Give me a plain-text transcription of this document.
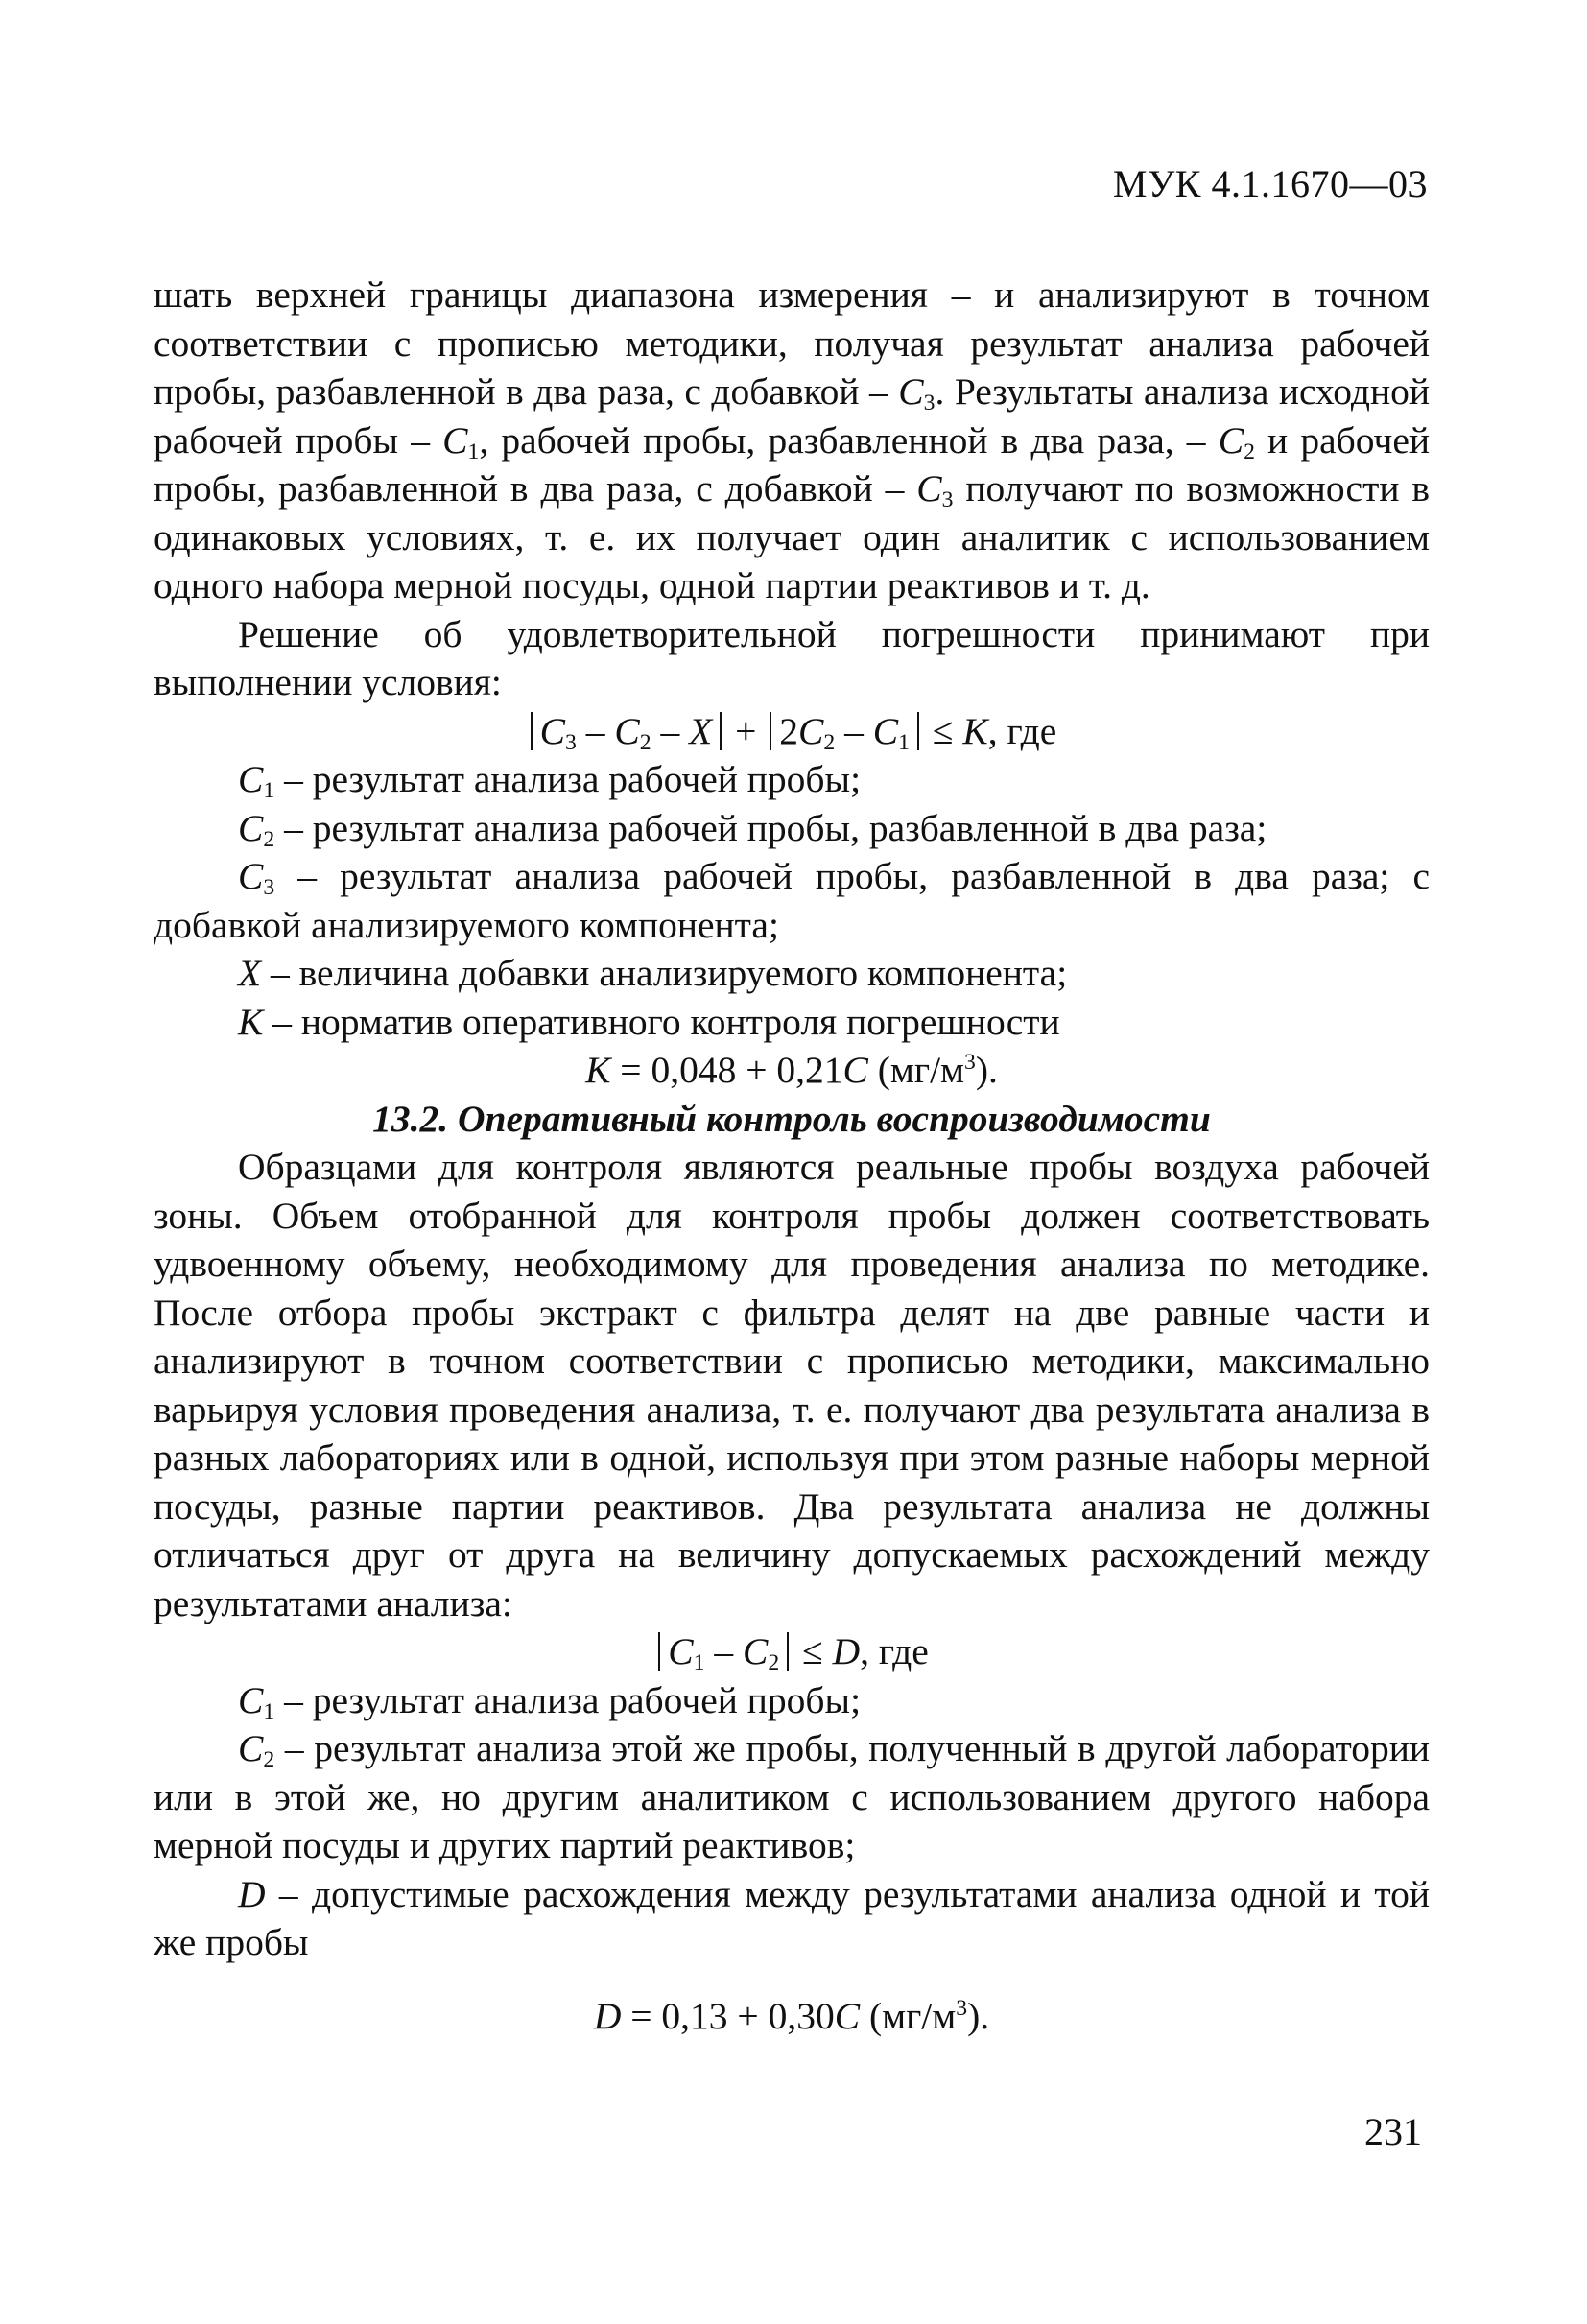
МУК 4.1.1670—03

шать верхней границы диапазона измерения – и анализируют в точном соответствии с прописью методики, получая результат анализа рабочей пробы, разбавленной в два раза, с добавкой – $C_3$. Результаты анализа исходной рабочей пробы – $C_1$, рабочей пробы, разбавленной в два раза, – $C_2$ и рабочей пробы, разбавленной в два раза, с добавкой – $C_3$ получают по возможности в одинаковых условиях, т. е. их получает один аналитик с использованием одного набора мерной посуды, одной партии реактивов и т. д.

Решение об удовлетворительной погрешности принимают при выполнении условия:

$C_3 - C_2 - X + 2C_2 - C_1 \le K$, где

$C_1$ – результат анализа рабочей пробы;

$C_2$ – результат анализа рабочей пробы, разбавленной в два раза;

$C_3$ – результат анализа рабочей пробы, разбавленной в два раза; с добавкой анализируемого компонента;

X – величина добавки анализируемого компонента;

K – норматив оперативного контроля погрешности

K = 0,048 + 0,21C $(мг/м^3)$.

13.2. Оперативный контроль воспроизводимости

Образцами для контроля являются реальные пробы воздуха рабочей зоны. Объем отобранной для контроля пробы должен соответствовать удвоенному объему, необходимому для проведения анализа по методике. После отбора пробы экстракт с фильтра делят на две равные части и анализируют в точном соответствии с прописью методики, максимально варьируя условия проведения анализа, т. е. получают два результата анализа в разных лабораториях или в одной, используя при этом разные наборы мерной посуды, разные партии реактивов. Два результата анализа не должны отличаться друг от друга на величину допускаемых расхождений между результатами анализа:

$C_1 - C_2 \le D$, где

$C_1$ – результат анализа рабочей пробы;

$C_2$ – результат анализа этой же пробы, полученный в другой лаборатории или в этой же, но другим аналитиком с использованием другого набора мерной посуды и других партий реактивов;

D – допустимые расхождения между результатами анализа одной и той же пробы

D = 0,13 + 0,30C $(мг/м^3)$.

231
